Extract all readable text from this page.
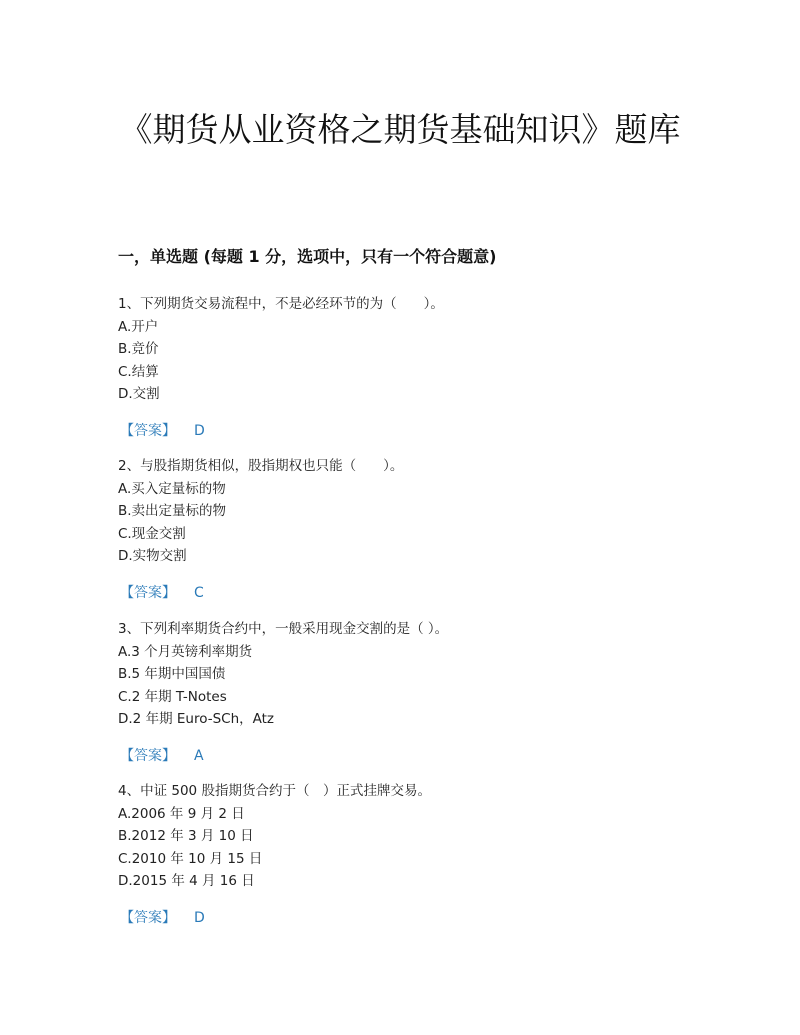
《期货从业资格之期货基础知识》题库
一，单选题 (每题 1 分，选项中，只有一个符合题意)
1、下列期货交易流程中，不是必经环节的为（　　）。
A.开户
B.竞价
C.结算
D.交割
【答案】 D
2、与股指期货相似，股指期权也只能（　　）。
A.买入定量标的物
B.卖出定量标的物
C.现金交割
D.实物交割
【答案】 C
3、下列利率期货合约中，一般采用现金交割的是（ ）。
A.3 个月英镑利率期货
B.5 年期中国国债
C.2 年期 T-Notes
D.2 年期 Euro-SCh，Atz
【答案】 A
4、中证 500 股指期货合约于（　）正式挂牌交易。
A.2006 年 9 月 2 日
B.2012 年 3 月 10 日
C.2010 年 10 月 15 日
D.2015 年 4 月 16 日
【答案】 D
